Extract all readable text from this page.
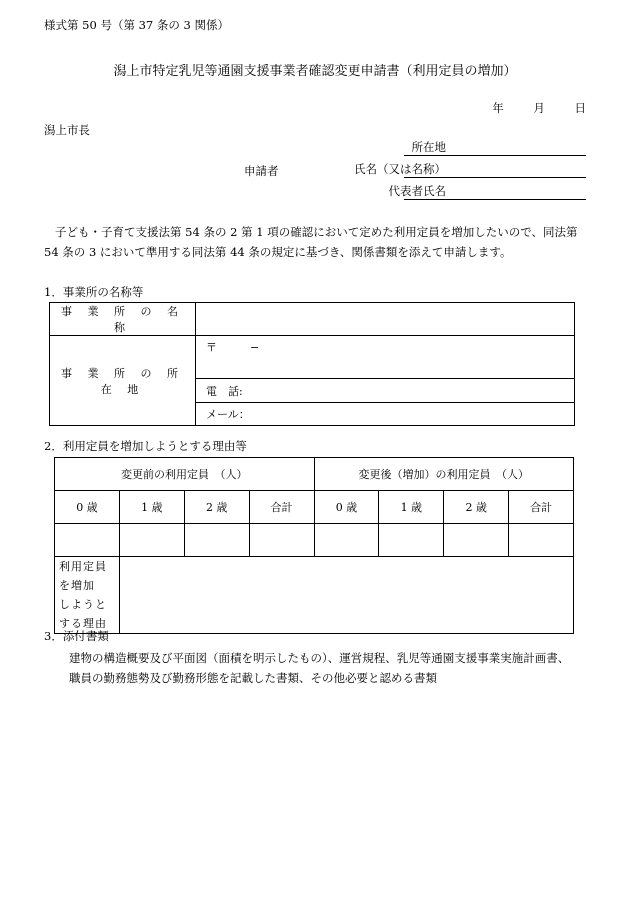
様式第 50 号（第 37 条の 3 関係）
潟上市特定乳児等通園支援事業者確認変更申請書（利用定員の増加）
年	月	日
潟上市長
所在地
氏名（又は名称）
代表者氏名
申請者
子ども・子育て支援法第 54 条の 2 第 1 項の確認において定めた利用定員を増加したいので、同法第 54 条の 3 において準用する同法第 44 条の規定に基づき、関係書類を添えて申請します。
1．事業所の名称等
事 業 所 の 名 称	
事 業 所 の 所 在 地	〒　　　−
	電　話:
	メール：
2．利用定員を増加しようとする理由等
変更前の利用定員　（人）				変更後（増加）の利用定員　（人）			
0 歳	1 歳	2 歳	合計	0 歳	1 歳	2 歳	合計

利用定員を増加
しようとする理由							

3．添付書類
建物の構造概要及び平面図（面積を明示したもの）、運営規程、乳児等通園支援事業実施計画書、
職員の勤務態勢及び勤務形態を記載した書類、その他必要と認める書類
